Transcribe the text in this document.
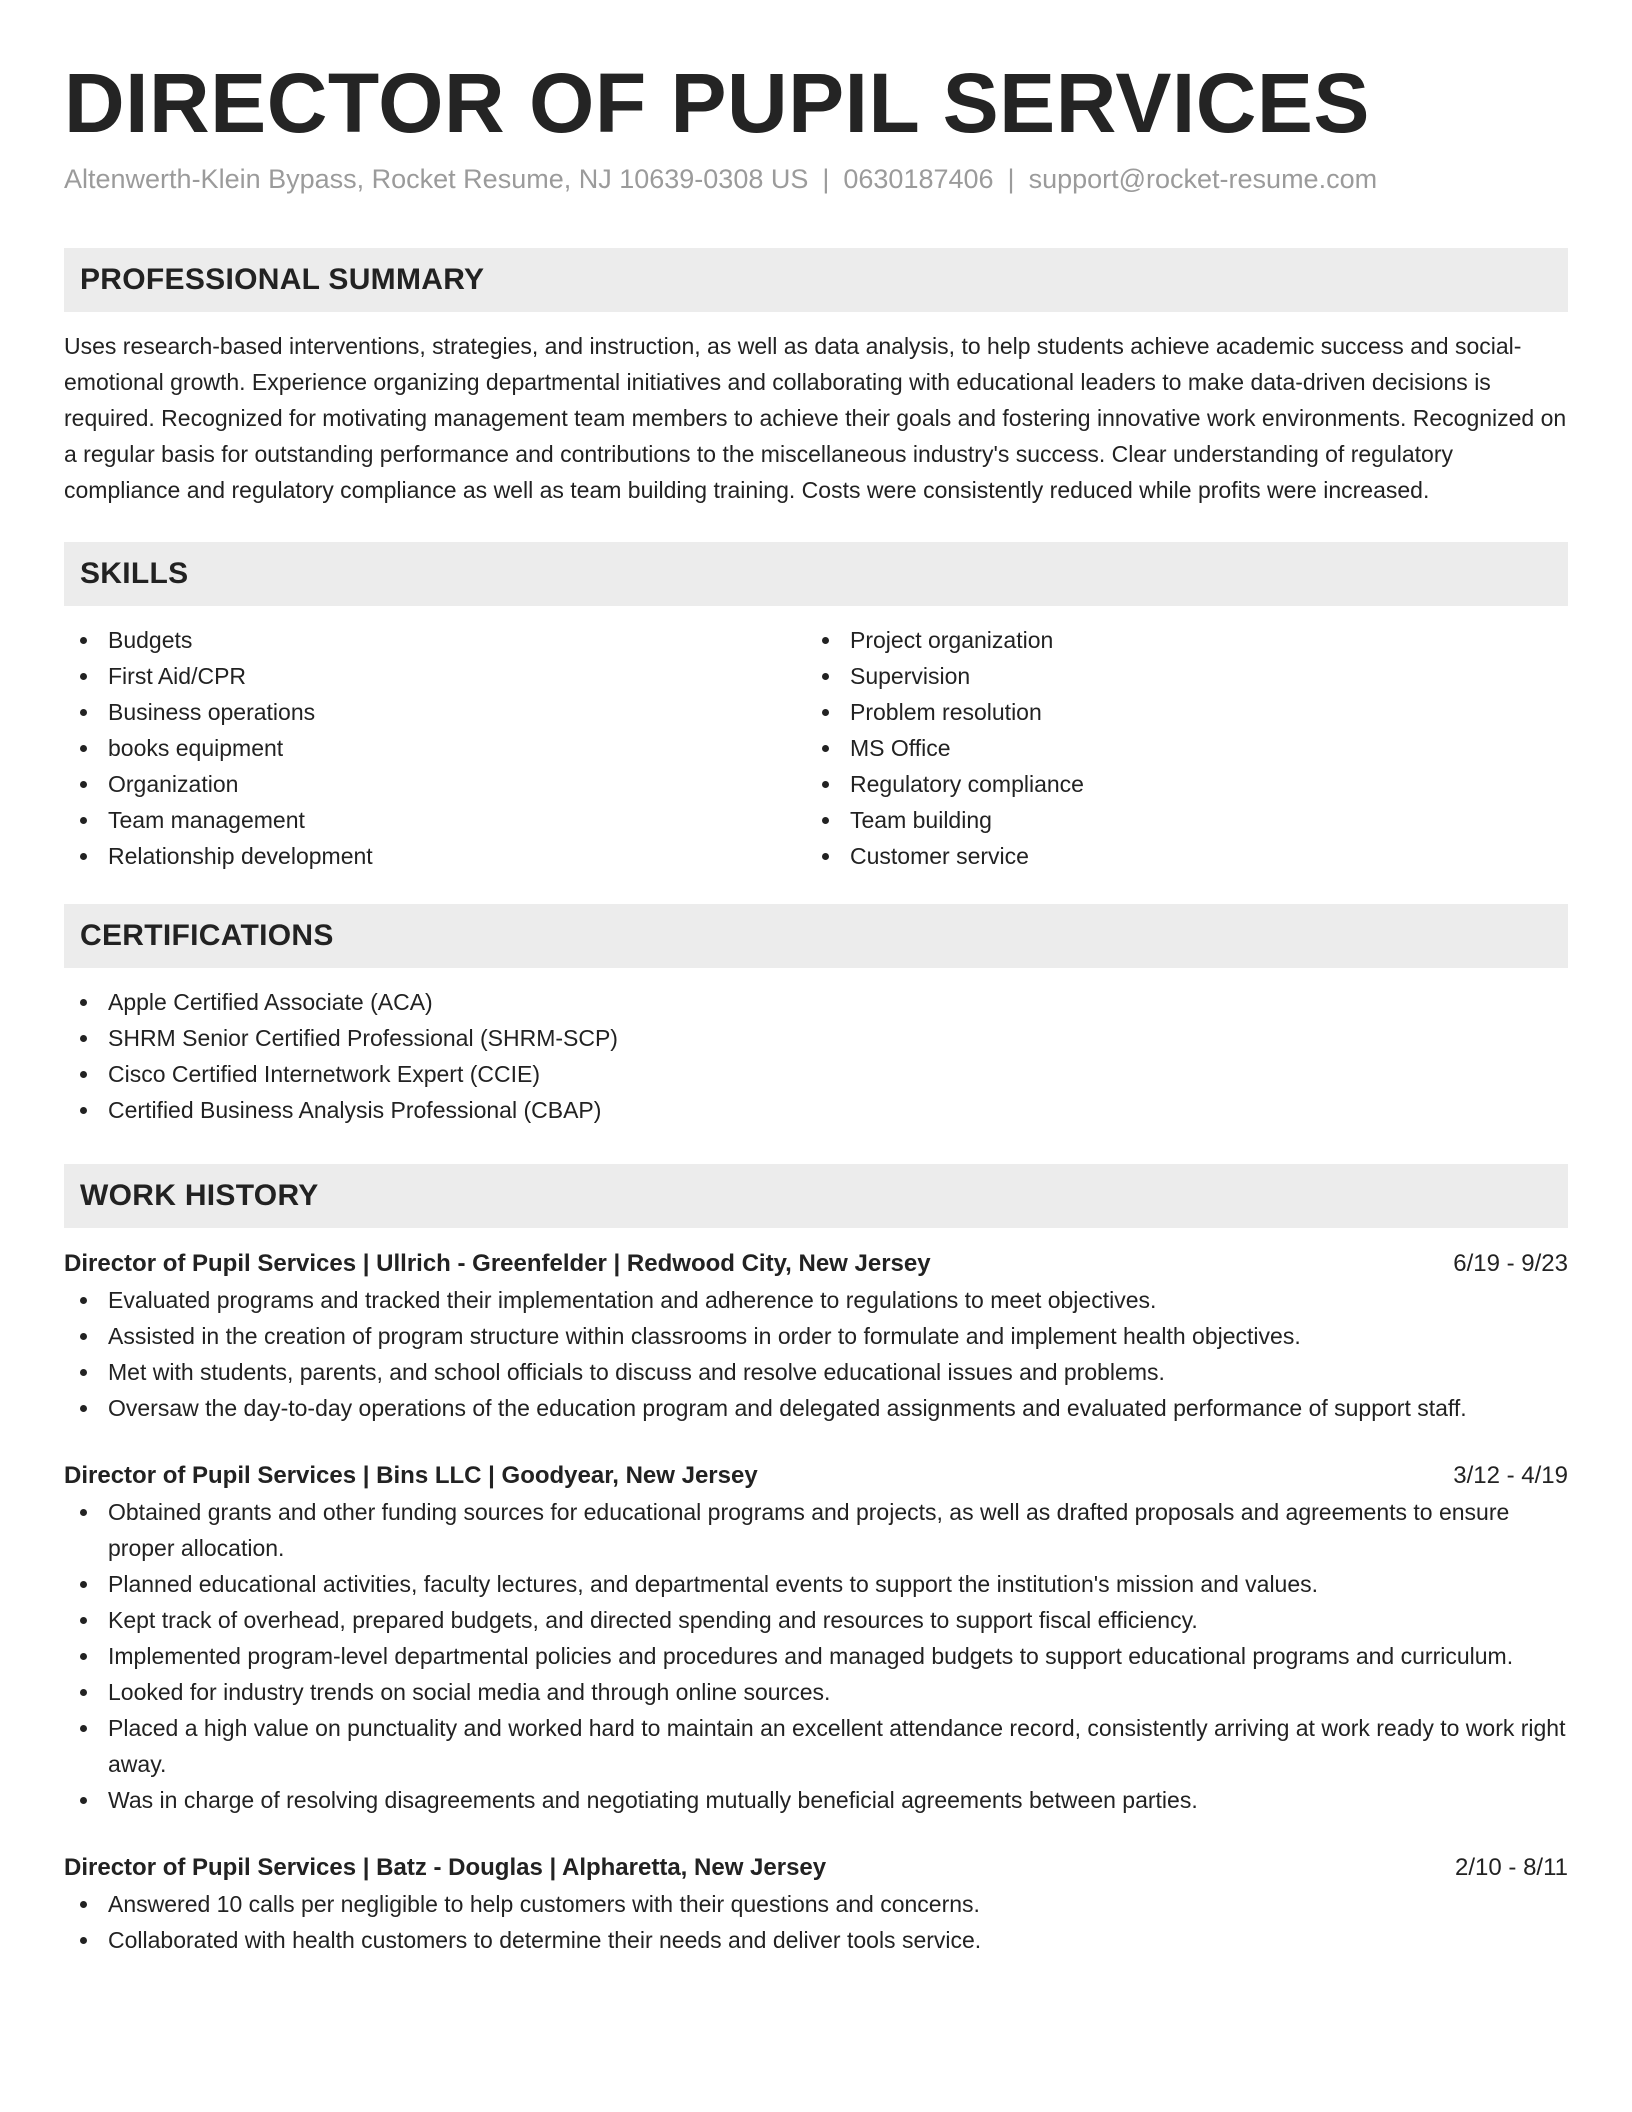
DIRECTOR OF PUPIL SERVICES
Altenwerth-Klein Bypass, Rocket Resume, NJ 10639-0308 US | 0630187406 | support@rocket-resume.com
PROFESSIONAL SUMMARY

Uses research-based interventions, strategies, and instruction, as well as data analysis, to help students achieve academic success and social-emotional growth. Experience organizing departmental initiatives and collaborating with educational leaders to make data-driven decisions is required. Recognized for motivating management team members to achieve their goals and fostering innovative work environments. Recognized on a regular basis for outstanding performance and contributions to the miscellaneous industry's success. Clear understanding of regulatory compliance and regulatory compliance as well as team building training. Costs were consistently reduced while profits were increased.

SKILLS
Budgets
First Aid/CPR
Business operations
books equipment
Organization
Team management
Relationship development
Project organization
Supervision
Problem resolution
MS Office
Regulatory compliance
Team building
Customer service
CERTIFICATIONS
Apple Certified Associate (ACA)
SHRM Senior Certified Professional (SHRM-SCP)
Cisco Certified Internetwork Expert (CCIE)
Certified Business Analysis Professional (CBAP)
WORK HISTORY
Director of Pupil Services | Ullrich - Greenfelder | Redwood City, New Jersey	6/19 - 9/23
Evaluated programs and tracked their implementation and adherence to regulations to meet objectives.
Assisted in the creation of program structure within classrooms in order to formulate and implement health objectives.
Met with students, parents, and school officials to discuss and resolve educational issues and problems.
Oversaw the day-to-day operations of the education program and delegated assignments and evaluated performance of support staff.
Director of Pupil Services | Bins LLC | Goodyear, New Jersey	3/12 - 4/19
Obtained grants and other funding sources for educational programs and projects, as well as drafted proposals and agreements to ensure proper allocation.
Planned educational activities, faculty lectures, and departmental events to support the institution's mission and values.
Kept track of overhead, prepared budgets, and directed spending and resources to support fiscal efficiency.
Implemented program-level departmental policies and procedures and managed budgets to support educational programs and curriculum.
Looked for industry trends on social media and through online sources.
Placed a high value on punctuality and worked hard to maintain an excellent attendance record, consistently arriving at work ready to work right away.
Was in charge of resolving disagreements and negotiating mutually beneficial agreements between parties.
Director of Pupil Services | Batz - Douglas | Alpharetta, New Jersey	2/10 - 8/11
Answered 10 calls per negligible to help customers with their questions and concerns.
Collaborated with health customers to determine their needs and deliver tools service.
